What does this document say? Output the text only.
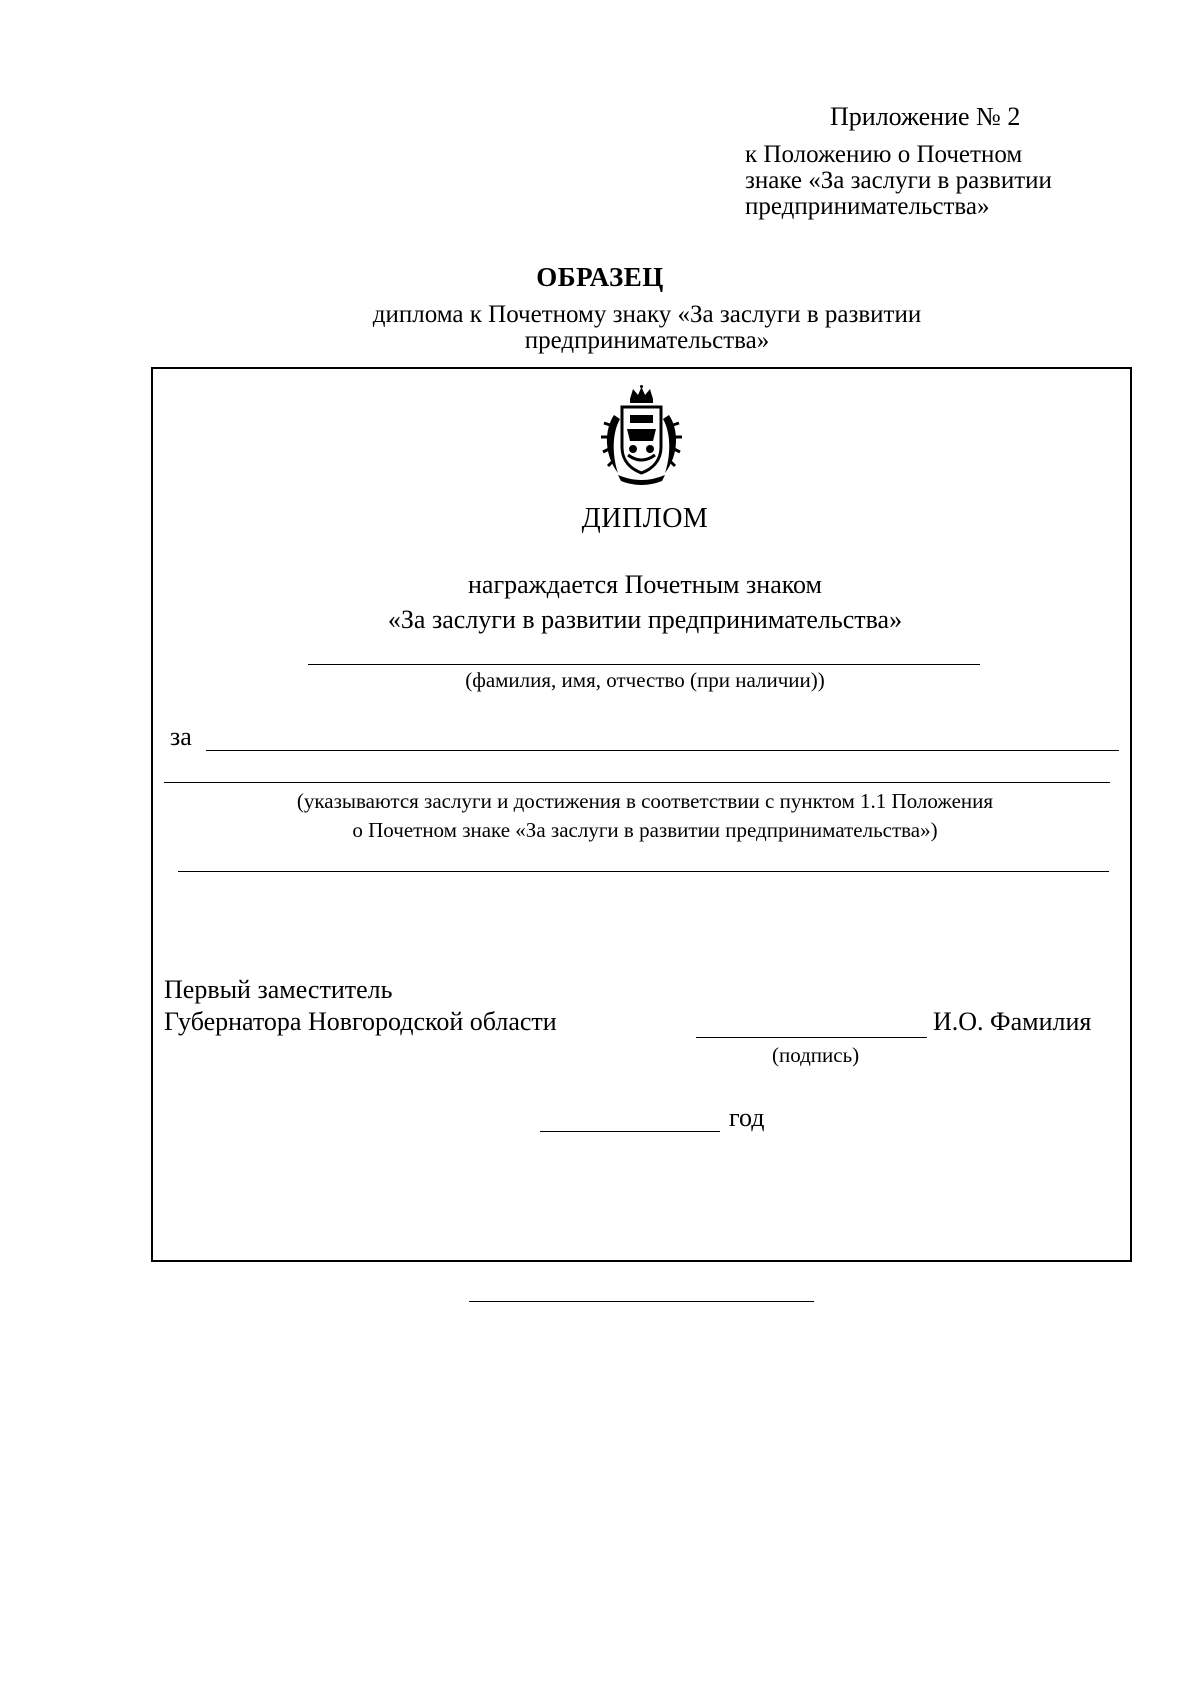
Приложение № 2
к Положению о Почетном
знаке «За заслуги в развитии
предпринимательства»
ОБРАЗЕЦ
диплома к Почетному знаку «За заслуги в развитии
предпринимательства»
ДИПЛОМ
награждается Почетным знаком
«За заслуги в развитии предпринимательства»
(фамилия, имя, отчество (при наличии))
за
(указываются заслуги и достижения в соответствии с пунктом 1.1 Положения
о Почетном знаке «За заслуги в развитии предпринимательства»)
Первый заместитель
Губернатора Новгородской области	И.О. Фамилия
(подпись)
год
